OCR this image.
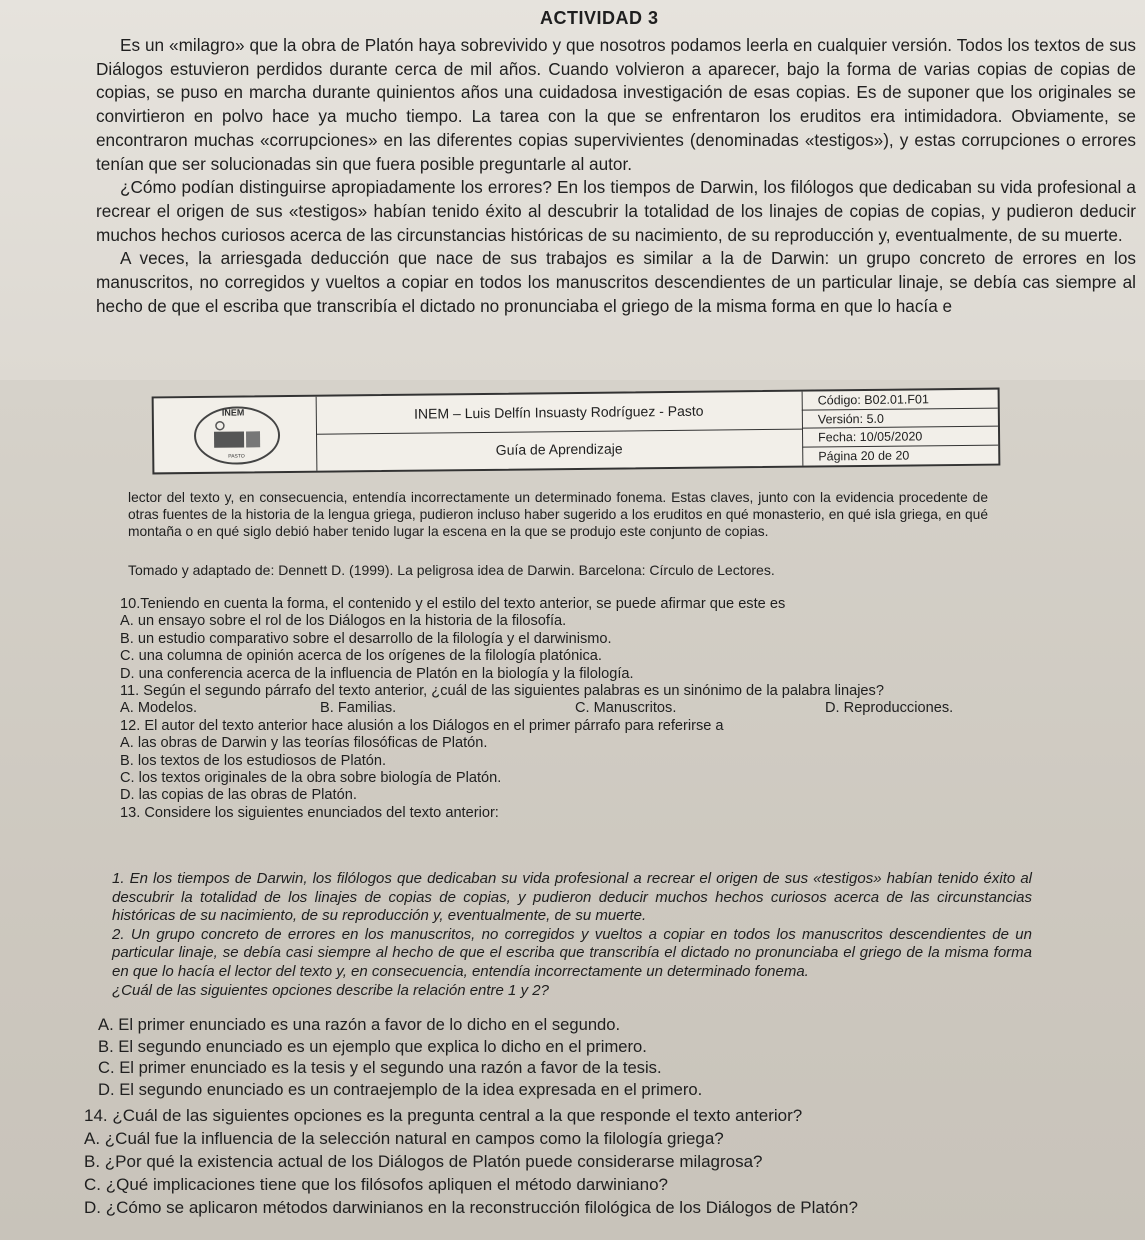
ACTIVIDAD 3

Es un «milagro» que la obra de Platón haya sobrevivido y que nosotros podamos leerla en cualquier versión. Todos los textos de sus Diálogos estuvieron perdidos durante cerca de mil años. Cuando volvieron a aparecer, bajo la forma de varias copias de copias de copias, se puso en marcha durante quinientos años una cuidadosa investigación de esas copias. Es de suponer que los originales se convirtieron en polvo hace ya mucho tiempo. La tarea con la que se enfrentaron los eruditos era intimidadora. Obviamente, se encontraron muchas «corrupciones» en las diferentes copias supervivientes (denominadas «testigos»), y estas corrupciones o errores tenían que ser solucionadas sin que fuera posible preguntarle al autor.

¿Cómo podían distinguirse apropiadamente los errores? En los tiempos de Darwin, los filólogos que dedicaban su vida profesional a recrear el origen de sus «testigos» habían tenido éxito al descubrir la totalidad de los linajes de copias de copias, y pudieron deducir muchos hechos curiosos acerca de las circunstancias históricas de su nacimiento, de su reproducción y, eventualmente, de su muerte.

A veces, la arriesgada deducción que nace de sus trabajos es similar a la de Darwin: un grupo concreto de errores en los manuscritos, no corregidos y vueltos a copiar en todos los manuscritos descendientes de un particular linaje, se debía cas siempre al hecho de que el escriba que transcribía el dictado no pronunciaba el griego de la misma forma en que lo hacía e

INEM
PASTO
INEM – Luis Delfín Insuasty Rodríguez - Pasto
Guía de Aprendizaje
Código: B02.01.F01
Versión: 5.0
Fecha: 10/05/2020
Página 20 de 20
lector del texto y, en consecuencia, entendía incorrectamente un determinado fonema. Estas claves, junto con la evidencia procedente de otras fuentes de la historia de la lengua griega, pudieron incluso haber sugerido a los eruditos en qué monasterio, en qué isla griega, en qué montaña o en qué siglo debió haber tenido lugar la escena en la que se produjo este conjunto de copias.
Tomado y adaptado de: Dennett D. (1999). La peligrosa idea de Darwin. Barcelona: Círculo de Lectores.

10.Teniendo en cuenta la forma, el contenido y el estilo del texto anterior, se puede afirmar que este es

A. un ensayo sobre el rol de los Diálogos en la historia de la filosofía.

B. un estudio comparativo sobre el desarrollo de la filología y el darwinismo.

C. una columna de opinión acerca de los orígenes de la filología platónica.

D. una conferencia acerca de la influencia de Platón en la biología y la filología.

11. Según el segundo párrafo del texto anterior, ¿cuál de las siguientes palabras es un sinónimo de la palabra linajes?

A. Modelos.	B. Familias.	C. Manuscritos.	D. Reproducciones.

12. El autor del texto anterior hace alusión a los Diálogos en el primer párrafo para referirse a

A. las obras de Darwin y las teorías filosóficas de Platón.

B. los textos de los estudiosos de Platón.

C. los textos originales de la obra sobre biología de Platón.

D. las copias de las obras de Platón.

13. Considere los siguientes enunciados del texto anterior:

1. En los tiempos de Darwin, los filólogos que dedicaban su vida profesional a recrear el origen de sus «testigos» habían tenido éxito al descubrir la totalidad de los linajes de copias de copias, y pudieron deducir muchos hechos curiosos acerca de las circunstancias históricas de su nacimiento, de su reproducción y, eventualmente, de su muerte.

2. Un grupo concreto de errores en los manuscritos, no corregidos y vueltos a copiar en todos los manuscritos descendientes de un particular linaje, se debía casi siempre al hecho de que el escriba que transcribía el dictado no pronunciaba el griego de la misma forma en que lo hacía el lector del texto y, en consecuencia, entendía incorrectamente un determinado fonema.

¿Cuál de las siguientes opciones describe la relación entre 1 y 2?

A. El primer enunciado es una razón a favor de lo dicho en el segundo.

B. El segundo enunciado es un ejemplo que explica lo dicho en el primero.

C. El primer enunciado es la tesis y el segundo una razón a favor de la tesis.

D. El segundo enunciado es un contraejemplo de la idea expresada en el primero.

14. ¿Cuál de las siguientes opciones es la pregunta central a la que responde el texto anterior?

A. ¿Cuál fue la influencia de la selección natural en campos como la filología griega?

B. ¿Por qué la existencia actual de los Diálogos de Platón puede considerarse milagrosa?

C. ¿Qué implicaciones tiene que los filósofos apliquen el método darwiniano?

D. ¿Cómo se aplicaron métodos darwinianos en la reconstrucción filológica de los Diálogos de Platón?
